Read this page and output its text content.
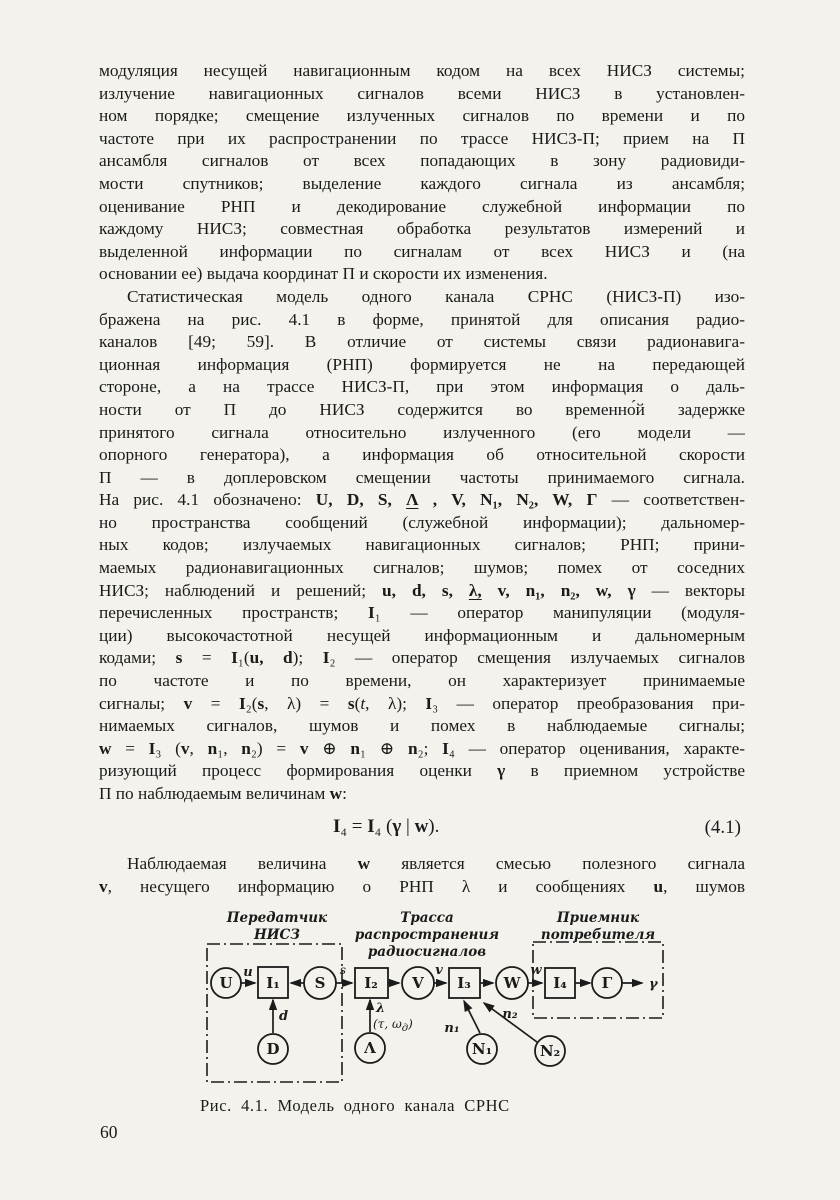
модуляция несущей навигационным кодом на всех НИСЗ системы;
излучение навигационных сигналов всеми НИСЗ в установлен-
ном порядке; смещение излученных сигналов по времени и по
частоте при их распространении по трассе НИСЗ-П; прием на П
ансамбля сигналов от всех попадающих в зону радиовиди-
мости спутников; выделение каждого сигнала из ансамбля;
оценивание РНП и декодирование служебной информации по
каждому НИСЗ; совместная обработка результатов измерений и
выделенной информации по сигналам от всех НИСЗ и (на
основании ее) выдача координат П и скорости их изменения.
Статистическая модель одного канала СРНС (НИСЗ-П) изо-
бражена на рис. 4.1 в форме, принятой для описания радио-
каналов [49; 59]. В отличие от системы связи радионавига-
ционная информация (РНП) формируется не на передающей
стороне, а на трассе НИСЗ-П, при этом информация о даль-
ности от П до НИСЗ содержится во временно́й задержке
принятого сигнала относительно излученного (его модели —
опорного генератора), а информация об относительной скорости
П — в доплеровском смещении частоты принимаемого сигнала.
На рис. 4.1 обозначено: U, D, S, Λ , V, N₁, N₂, W, Γ — соответствен-
но пространства сообщений (служебной информации); дальномер-
ных кодов; излучаемых навигационных сигналов; РНП; прини-
маемых радионавигационных сигналов; шумов; помех от соседних
НИСЗ; наблюдений и решений; u, d, s, λ, v, n₁, n₂, w, γ — векторы
перечисленных пространств; I₁ — оператор манипуляции (модуля-
ции) высокочастотной несущей информационным и дальномерным
кодами; s = I₁(u, d); I₂ — оператор смещения излучаемых сигналов
по частоте и по времени, он характеризует принимаемые
сигналы; v = I₂(s, λ) = s(t, λ); I₃ — оператор преобразования при-
нимаемых сигналов, шумов и помех в наблюдаемые сигналы;
w = I₃ (v, n₁, n₂) = v ⊕ n₁ ⊕ n₂; I₄ — оператор оценивания, характе-
ризующий процесс формирования оценки γ в приемном устройстве
П по наблюдаемым величинам w:
I₄ = I₄ (γ | w).	(4.1)
Наблюдаемая величина w является смесью полезного сигнала
v, несущего информацию о РНП λ и сообщениях u, шумов
Передатчик
НИСЗ
Трасса
распространения
радиосигналов
Приемник
потребителя
U I₁ S	I₂ V I₃ W I₄ Γ
D	Λ	N₁	N₂
u	s	v	w
γ
d
λ
(τ, $\omega_д$) n₁
n₂
Рис. 4.1. Модель одного канала СРНС
60
